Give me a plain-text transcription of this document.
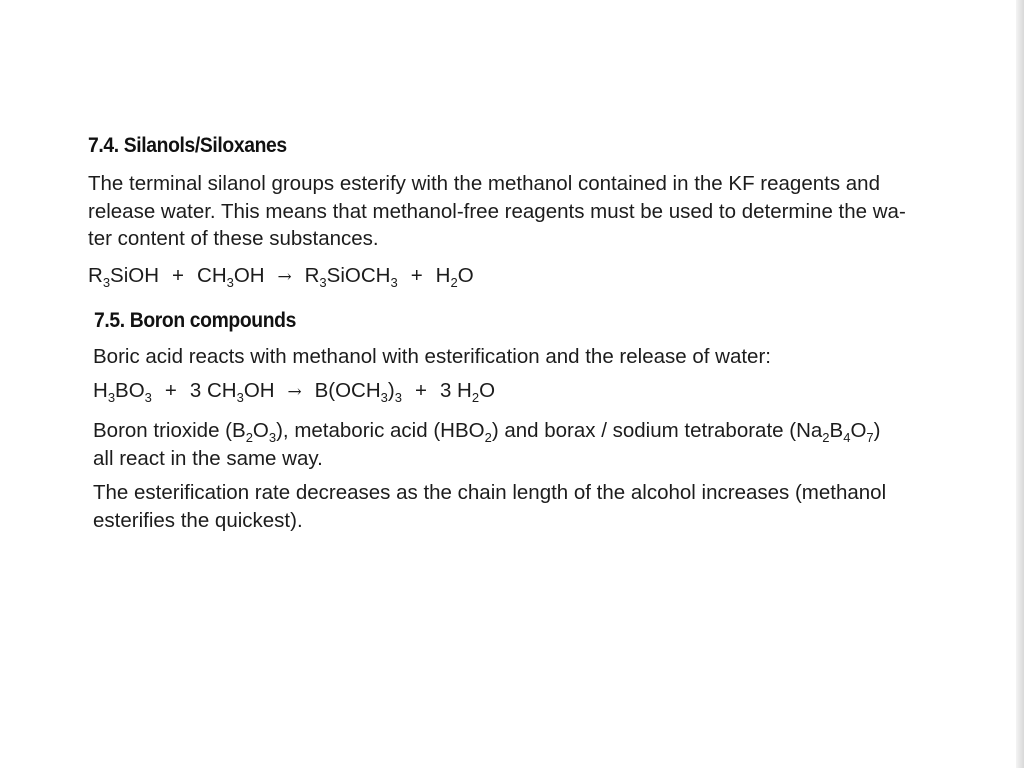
7.4. Silanols/Siloxanes
The terminal silanol groups esterify with the methanol contained in the KF reagents and
release water. This means that methanol-free reagents must be used to determine the wa-
ter content of these substances.
$R_3SiOH + CH_3OH$ → $R_3SiOCH_3 + H_2O$
7.5. Boron compounds
Boric acid reacts with methanol with esterification and the release of water:
$H_3BO_3 + 3$ $CH_3OH \to B(OCH_3)_3 + 3$ $H_2O$
Boron trioxide $(B_2O_3)$, metaboric acid $(HBO_2)$ and borax / sodium tetraborate $(Na_2B_4O_7)$
all react in the same way.
The esterification rate decreases as the chain length of the alcohol increases (methanol
esterifies the quickest).
